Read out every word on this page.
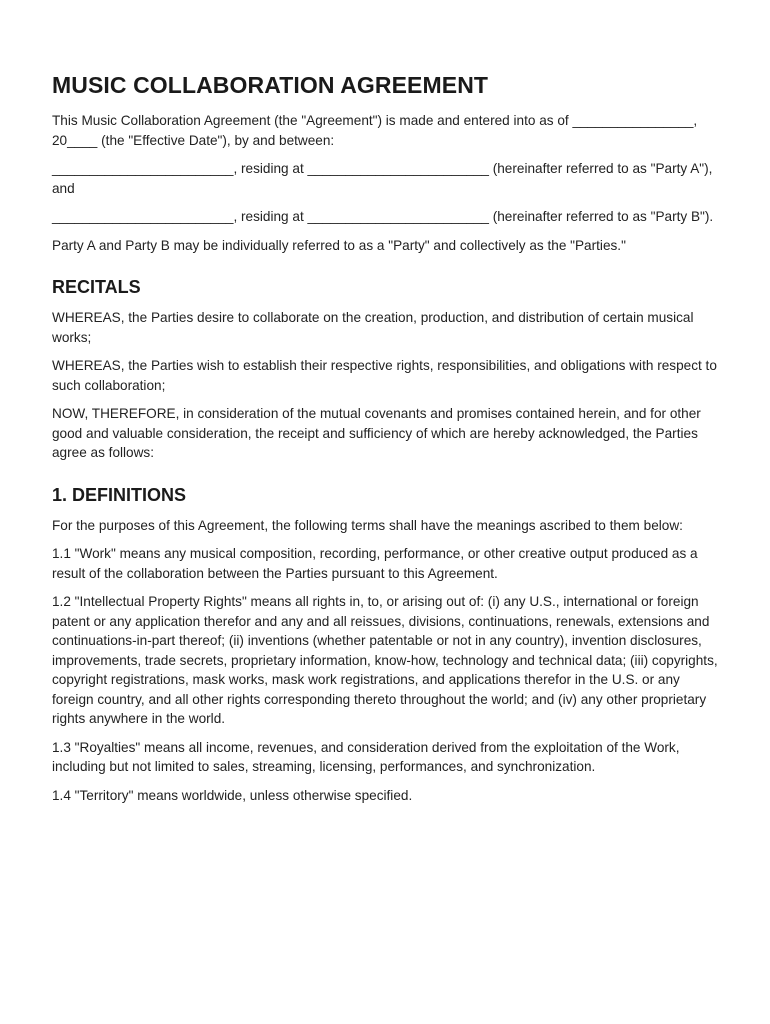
MUSIC COLLABORATION AGREEMENT

This Music Collaboration Agreement (the "Agreement") is made and entered into as of ________________, 20____ (the "Effective Date"), by and between:

________________________, residing at ________________________ (hereinafter referred to as "Party A"), and

________________________, residing at ________________________ (hereinafter referred to as "Party B").

Party A and Party B may be individually referred to as a "Party" and collectively as the "Parties."

RECITALS

WHEREAS, the Parties desire to collaborate on the creation, production, and distribution of certain musical works;

WHEREAS, the Parties wish to establish their respective rights, responsibilities, and obligations with respect to such collaboration;

NOW, THEREFORE, in consideration of the mutual covenants and promises contained herein, and for other good and valuable consideration, the receipt and sufficiency of which are hereby acknowledged, the Parties agree as follows:

1. DEFINITIONS

For the purposes of this Agreement, the following terms shall have the meanings ascribed to them below:

1.1 "Work" means any musical composition, recording, performance, or other creative output produced as a result of the collaboration between the Parties pursuant to this Agreement.

1.2 "Intellectual Property Rights" means all rights in, to, or arising out of: (i) any U.S., international or foreign patent or any application therefor and any and all reissues, divisions, continuations, renewals, extensions and continuations-in-part thereof; (ii) inventions (whether patentable or not in any country), invention disclosures, improvements, trade secrets, proprietary information, know-how, technology and technical data; (iii) copyrights, copyright registrations, mask works, mask work registrations, and applications therefor in the U.S. or any foreign country, and all other rights corresponding thereto throughout the world; and (iv) any other proprietary rights anywhere in the world.

1.3 "Royalties" means all income, revenues, and consideration derived from the exploitation of the Work, including but not limited to sales, streaming, licensing, performances, and synchronization.

1.4 "Territory" means worldwide, unless otherwise specified.
